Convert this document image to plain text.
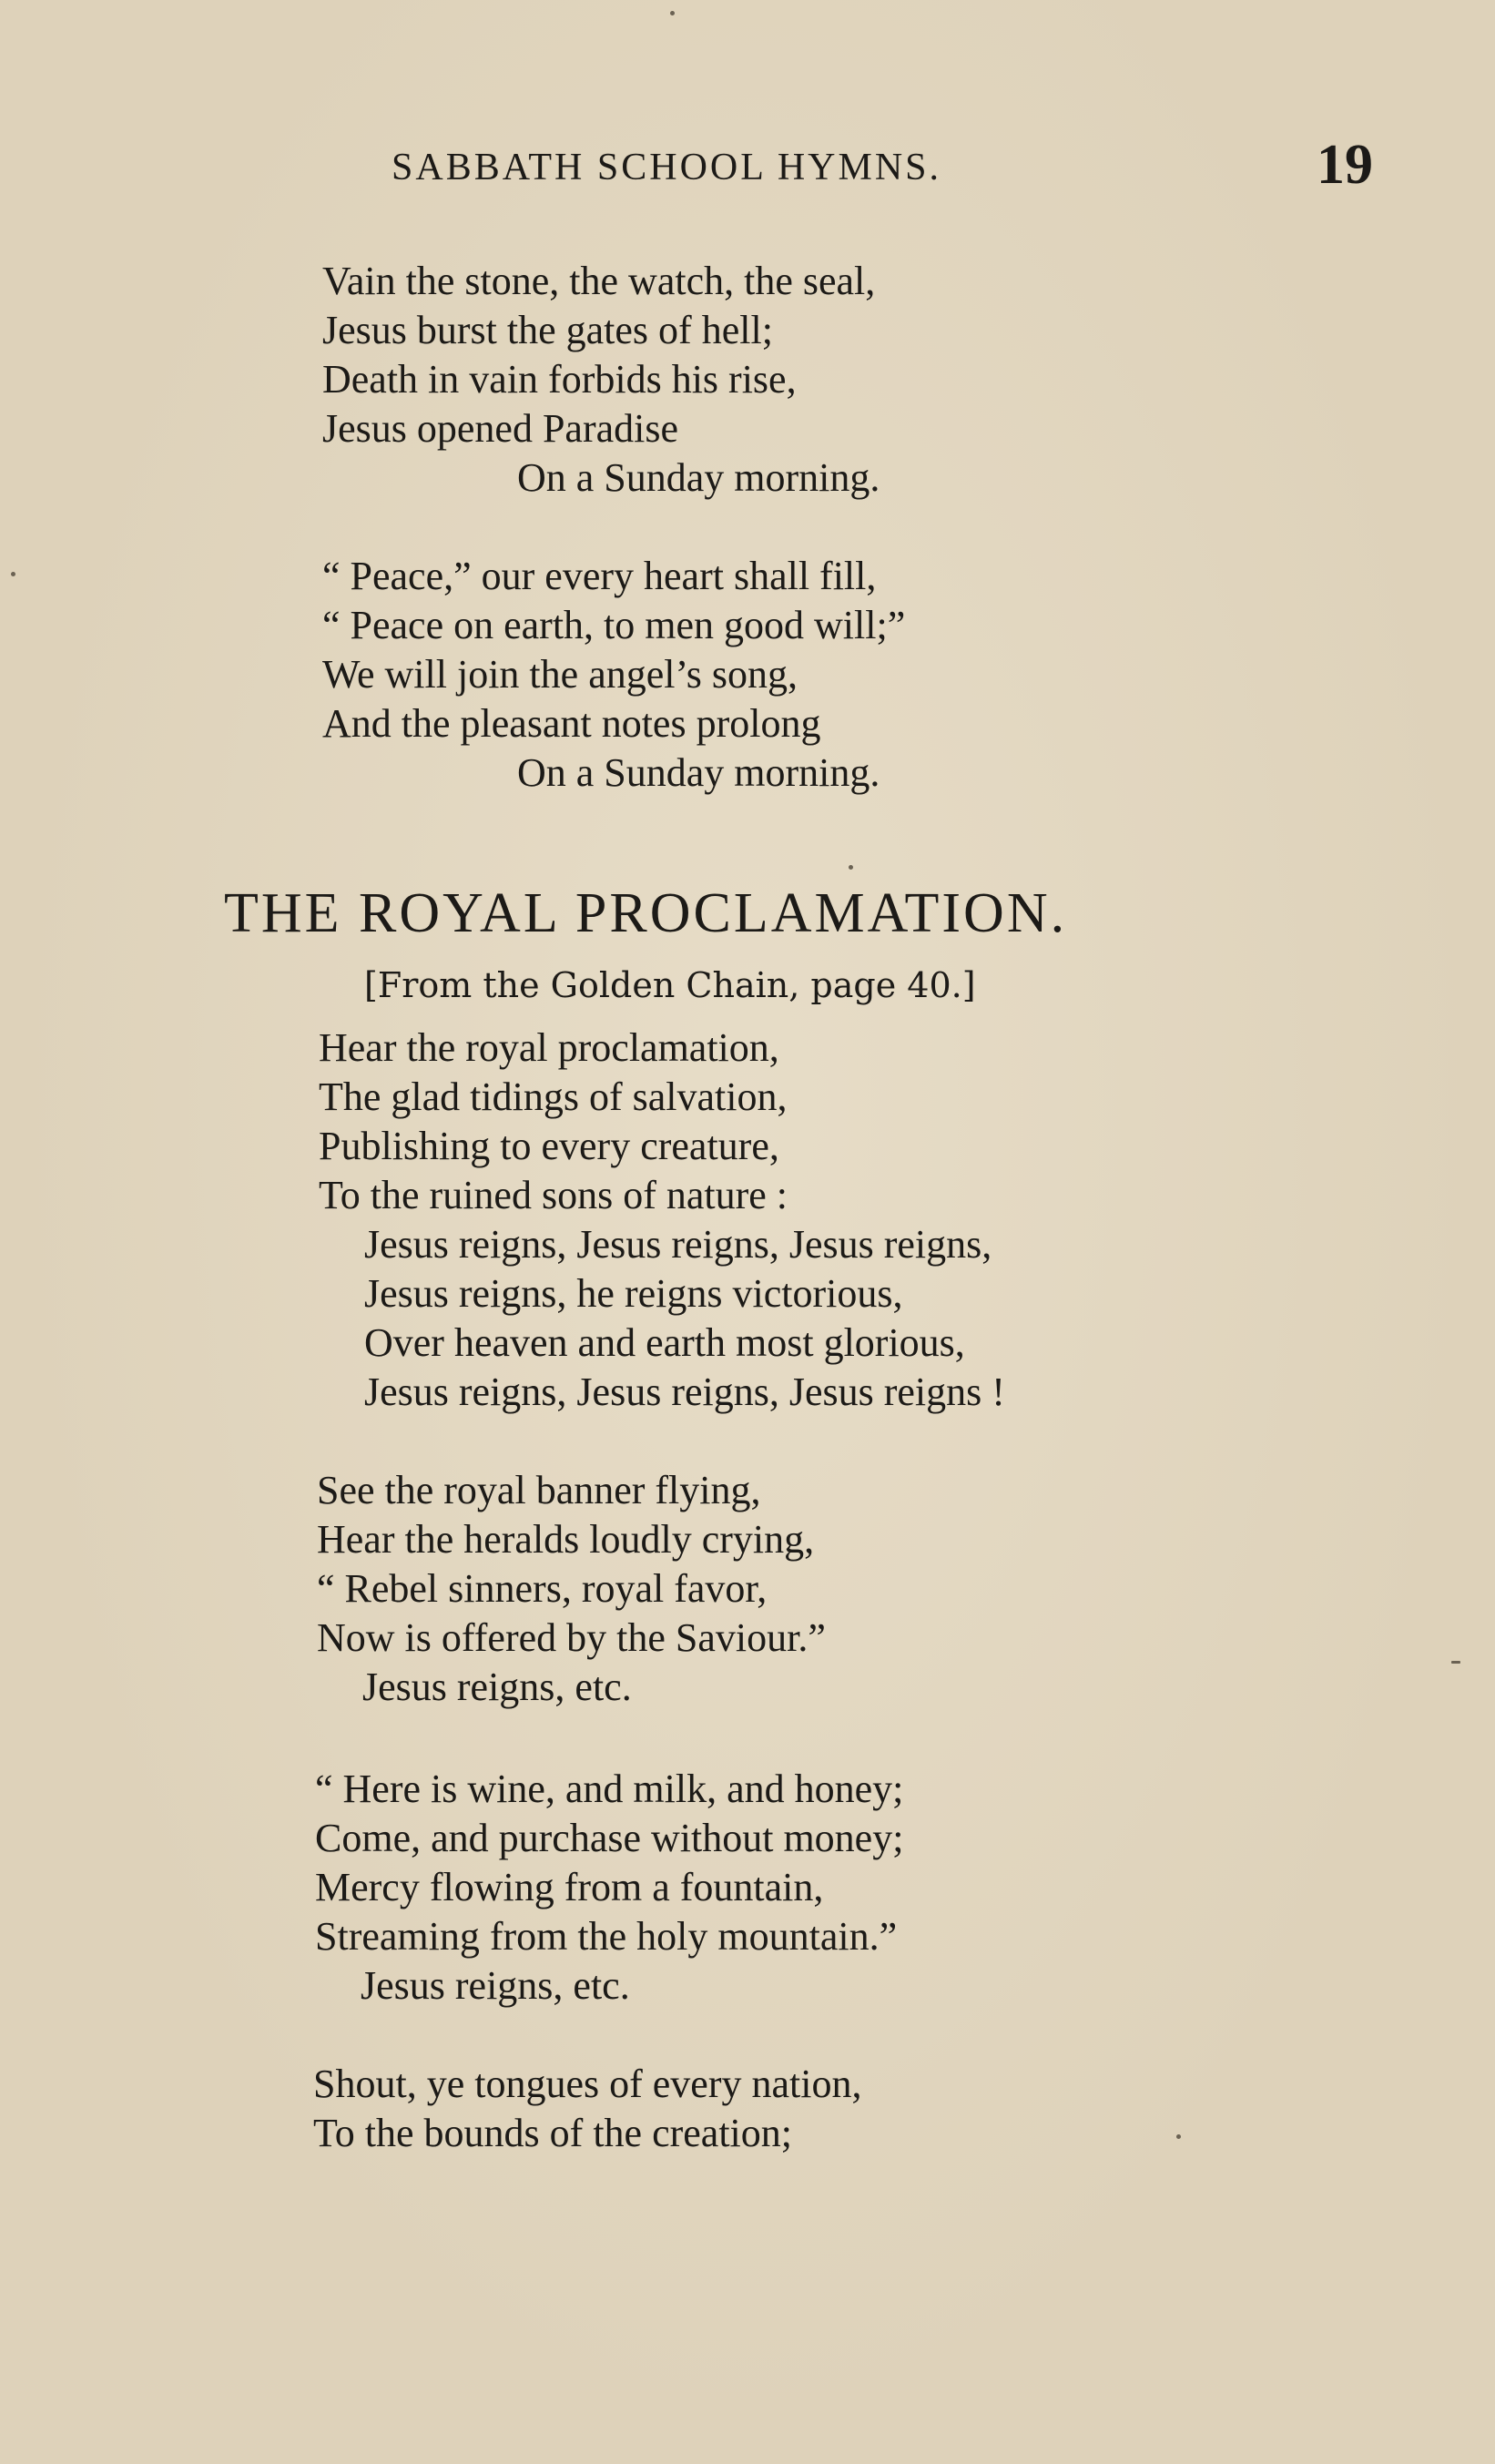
SABBATH SCHOOL HYMNS.	19
Vain the stone, the watch, the seal,
Jesus burst the gates of hell;
Death in vain forbids his rise,
Jesus opened Paradise
On a Sunday morning.
“ Peace,” our every heart shall fill,
“ Peace on earth, to men good will;”
We will join the angel’s song,
And the pleasant notes prolong
On a Sunday morning.
THE ROYAL PROCLAMATION.
[From the Golden Chain, page 40.]
Hear the royal proclamation,
The glad tidings of salvation,
Publishing to every creature,
To the ruined sons of nature :
Jesus reigns, Jesus reigns, Jesus reigns,
Jesus reigns, he reigns victorious,
Over heaven and earth most glorious,
Jesus reigns, Jesus reigns, Jesus reigns !
See the royal banner flying,
Hear the heralds loudly crying,
“ Rebel sinners, royal favor,
Now is offered by the Saviour.”
Jesus reigns, etc.
“ Here is wine, and milk, and honey;
Come, and purchase without money;
Mercy flowing from a fountain,
Streaming from the holy mountain.”
Jesus reigns, etc.
Shout, ye tongues of every nation,
To the bounds of the creation;
